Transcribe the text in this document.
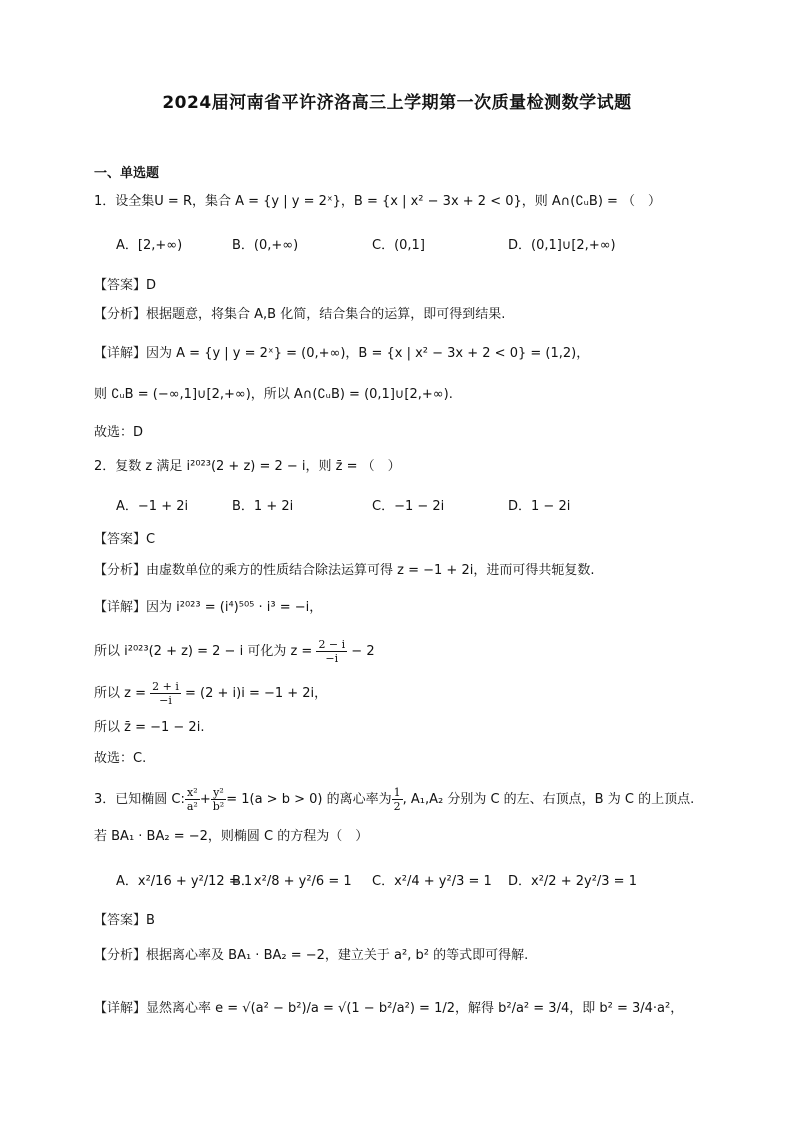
2024届河南省平许济洛高三上学期第一次质量检测数学试题
一、单选题
1．设全集U = R，集合 A = {y | y = 2ˣ}，B = {x | x² − 3x + 2 < 0}，则 A∩(∁ᵤB) = （　）
A．[2,+∞)	B．(0,+∞)	C．(0,1]	D．(0,1]∪[2,+∞)
【答案】D
【分析】根据题意，将集合 A,B 化简，结合集合的运算，即可得到结果.
【详解】因为 A = {y | y = 2ˣ} = (0,+∞)，B = {x | x² − 3x + 2 < 0} = (1,2)，
则 ∁ᵤB = (−∞,1]∪[2,+∞)，所以 A∩(∁ᵤB) = (0,1]∪[2,+∞).
故选：D
2．复数 z 满足 i²⁰²³(2 + z) = 2 − i，则 z̄ = （　）
A．−1 + 2i	B．1 + 2i	C．−1 − 2i	D．1 − 2i
【答案】C
【分析】由虚数单位的乘方的性质结合除法运算可得 z = −1 + 2i，进而可得共轭复数.
【详解】因为 i²⁰²³ = (i⁴)⁵⁰⁵ · i³ = −i，
所以 i²⁰²³(2 + z) = 2 − i 可化为 $z = \frac{2 - i}{-i} - 2$
所以 $z = \frac{2 + i}{-i} = (2 + i)i = -1 + 2i$，
所以 z̄ = −1 − 2i.
故选：C.
3．已知椭圆 C: $\frac{\text{x²}}{\text{a²}} + \frac{\text{y²}}{\text{b²}} = 1(a > b > 0)$ 的离心率为 $\frac{1}{2}$ , A₁,A₂ 分别为 C 的左、右顶点，B 为 C 的上顶点.
若 BA₁ · BA₂ = −2，则椭圆 C 的方程为（　）
A．x²/16 + y²/12 = 1
B．x²/8 + y²/6 = 1 C．x²/4 + y²/3 = 1 D．x²/2 + 2y²/3 = 1
【答案】B
【分析】根据离心率及 BA₁ · BA₂ = −2，建立关于 a², b² 的等式即可得解.
【详解】显然离心率 e = √(a² − b²)/a = √(1 − b²/a²) = 1/2，解得 b²/a² = 3/4，即 b² = 3/4·a²，
